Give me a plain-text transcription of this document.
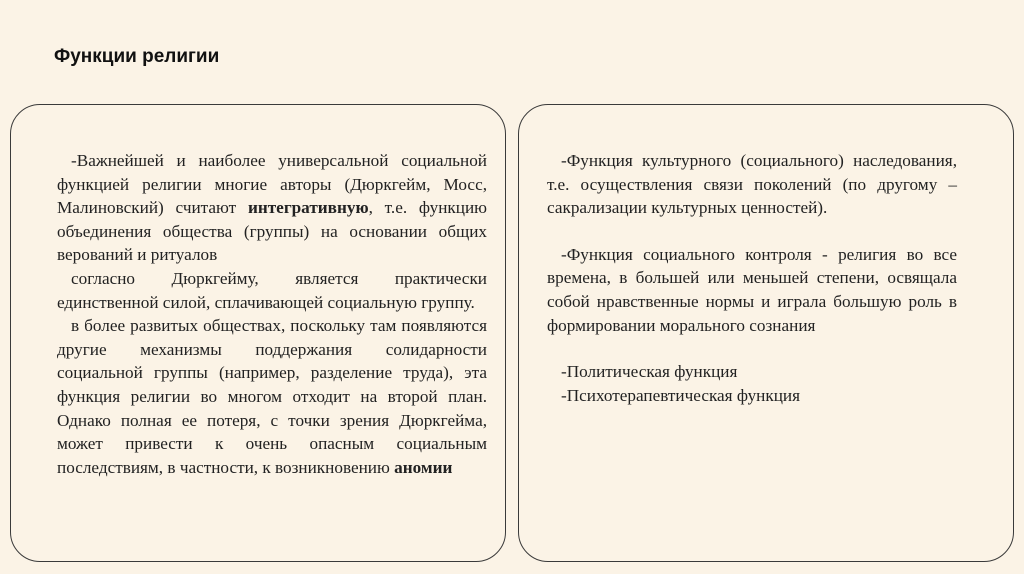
Функции религии
-Важнейшей и наиболее универсальной социальной функцией религии многие авторы (Дюркгейм, Мосс, Малиновский) считают интегративную, т.е. функцию объединения общества (группы) на основании общих верований и ритуалов
согласно Дюркгейму, является практически единственной силой, сплачивающей социальную группу.
в более развитых обществах, поскольку там появляются другие механизмы поддержания солидарности социальной группы (например, разделение труда), эта функция религии во многом отходит на второй план. Однако полная ее потеря, с точки зрения Дюркгейма, может привести к очень опасным социальным последствиям, в частности, к возникновению аномии
-Функция культурного (социального) наследования, т.е. осуществления связи поколений (по другому – сакрализации культурных ценностей).
-Функция социального контроля - религия во все времена, в большей или меньшей степени, освящала собой нравственные нормы и играла большую роль в формировании морального сознания
-Политическая функция
-Психотерапевтическая функция
